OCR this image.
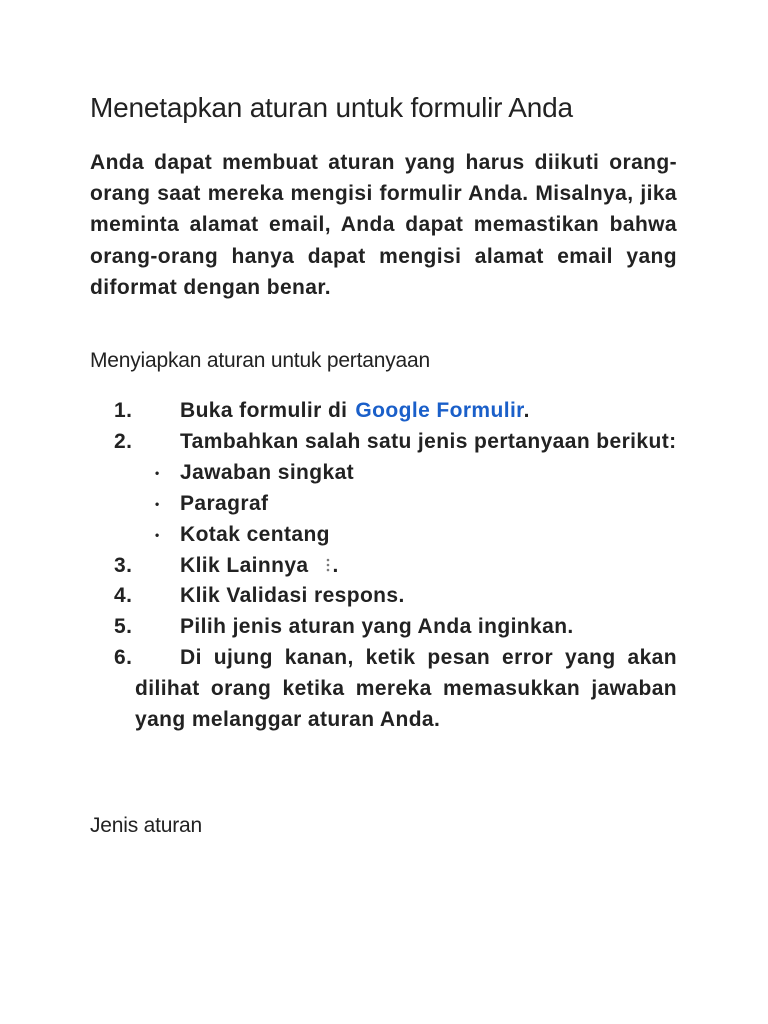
Menetapkan aturan untuk formulir Anda

Anda dapat membuat aturan yang harus diikuti orang-orang saat mereka mengisi formulir Anda. Misalnya, jika meminta alamat email, Anda dapat memastikan bahwa orang-orang hanya dapat mengisi alamat email yang diformat dengan benar.

Menyiapkan aturan untuk pertanyaan
1. Buka formulir di Google Formulir.
2. Tambahkan salah satu jenis pertanyaan berikut:
• Jawaban singkat
• Paragraf
• Kotak centang
3. Klik Lainnya .
4. Klik Validasi respons.
5. Pilih jenis aturan yang Anda inginkan.
6. Di ujung kanan, ketik pesan error yang akan dilihat orang ketika mereka memasukkan jawaban yang melanggar aturan Anda.
Jenis aturan
